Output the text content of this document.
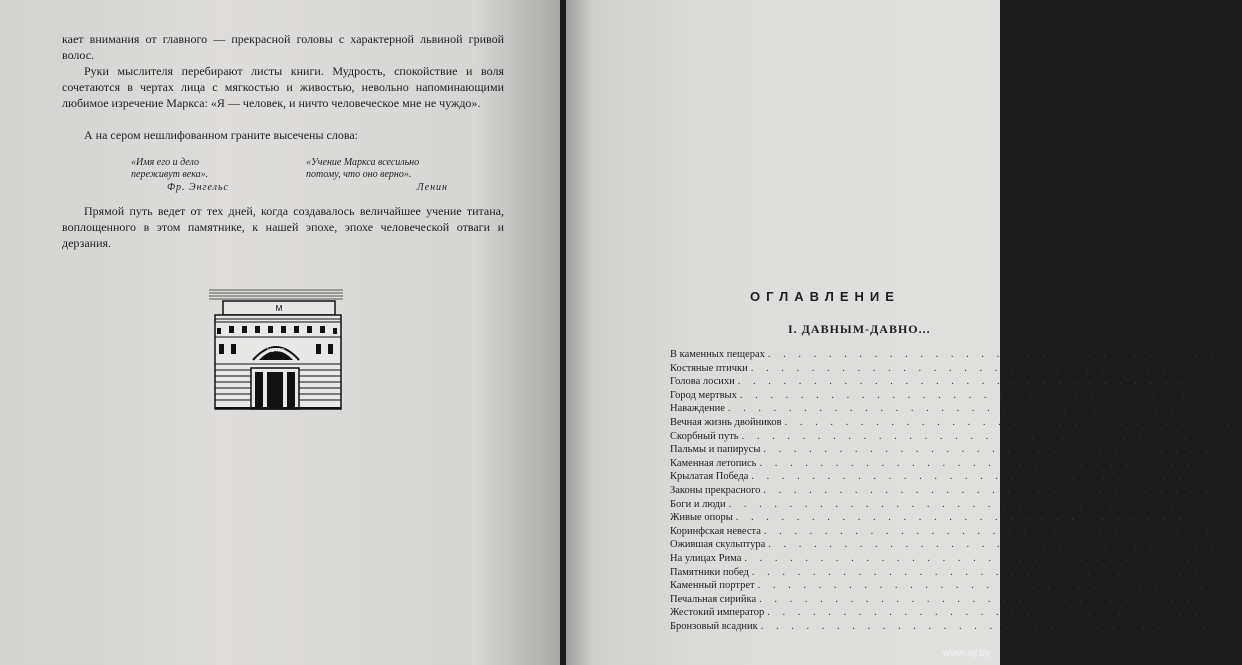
кает внимания от главного — прекрасной головы с характерной львиной гривой волос.

Руки мыслителя перебирают листы книги. Мудрость, спокойствие и воля сочетаются в чертах лица с мягкостью и живостью, невольно напоминающими любимое изречение Маркса: «Я — человек, и ничто человеческое мне не чуждо».

А на сером нешлифованном граните высечены слова:

«Имя его и дело переживут века».
Фр. Энгельс
«Учение Маркса всесильно потому, что оно верно».
Ленин

Прямой путь ведет от тех дней, когда создавалось величайшее учение титана, воплощенного в этом памятнике, к нашей эпохе, эпохе человеческой отваги и дерзания.

М
МЕТРО
ОГЛАВЛЕНИЕ
I. ДАВНЫМ-ДАВНО...
В каменных пещерах . . . . . . . . . . . . . . . . . . . . . . . . . . . . . .
Костяные птички . . . . . . . . . . . . . . . . . . . . . . . . . . . . . .
Голова лосихи . . . . . . . . . . . . . . . . . . . . . . . . . . . . . . 1
Город мертвых . . . . . . . . . . . . . . . . . . . . . . . . . . . . . . 1
Наваждение . . . . . . . . . . . . . . . . . . . . . . . . . . . . . . 1
Вечная жизнь двойников . . . . . . . . . . . . . . . . . . . . . . . . . . . . . . 1
Скорбный путь . . . . . . . . . . . . . . . . . . . . . . . . . . . . . . 1
Пальмы и папирусы . . . . . . . . . . . . . . . . . . . . . . . . . . . . . . 1
Каменная летопись . . . . . . . . . . . . . . . . . . . . . . . . . . . . . . 1
Крылатая Победа . . . . . . . . . . . . . . . . . . . . . . . . . . . . . . 1
Законы прекрасного . . . . . . . . . . . . . . . . . . . . . . . . . . . . . . 2
Боги и люди . . . . . . . . . . . . . . . . . . . . . . . . . . . . . . 2
Живые опоры . . . . . . . . . . . . . . . . . . . . . . . . . . . . . . 2
Коринфская невеста . . . . . . . . . . . . . . . . . . . . . . . . . . . . . . 2
Ожившая скульптура . . . . . . . . . . . . . . . . . . . . . . . . . . . . . . 2
На улицах Рима . . . . . . . . . . . . . . . . . . . . . . . . . . . . . . 2
Памятники побед . . . . . . . . . . . . . . . . . . . . . . . . . . . . . . 2
Каменный портрет . . . . . . . . . . . . . . . . . . . . . . . . . . . . . . 2
Печальная сирийка . . . . . . . . . . . . . . . . . . . . . . . . . . . . . . 3
Жестокий император . . . . . . . . . . . . . . . . . . . . . . . . . . . . . . 3
Бронзовый всадник . . . . . . . . . . . . . . . . . . . . . . . . . . . . . . 3
www.ay.by
